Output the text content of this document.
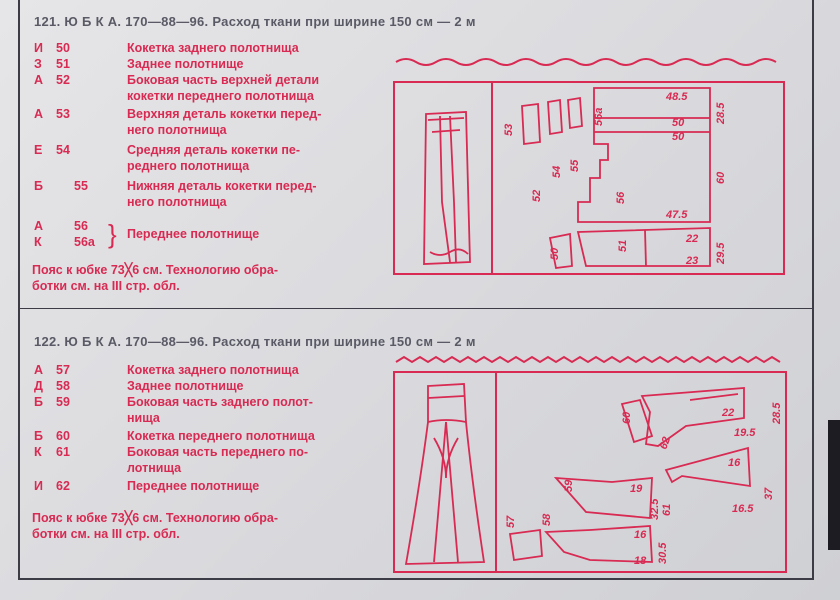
121. Ю Б К А. 170—88—96. Расход ткани при ширине 150 см — 2 м
И	50	Кокетка заднего полотнища
З	51	Заднее полотнище
А	52	Боковая часть верхней детали
кокетки переднего полотнища
А	53	Верхняя деталь кокетки перед-
него полотнища
Е	54	Средняя деталь кокетки пе-
реднего полотнища
Б	55	Нижняя деталь кокетки перед-
него полотнища
А	56
К	56а } Переднее полотнище
Пояс к юбке 73╳6 см. Технологию обра-
ботки см. на III стр. обл.
53
52
54 55
56
56а
50
51
48.5
28.5
50
50
60
47.5
22
29.5
23
122. Ю Б К А. 170—88—96. Расход ткани при ширине 150 см — 2 м
А	57	Кокетка заднего полотнища
Д	58	Заднее полотнище
Б	59	Боковая часть заднего полот-
нища
Б	60	Кокетка переднего полотнища
К	61	Боковая часть переднего по-
лотнища
И	62	Переднее полотнище
Пояс к юбке 73╳6 см. Технологию обра-
ботки см. на III стр. обл.
60
62
59
61
57 58
22	28.5
19.5
16
37
16.5
19
32.5
16
30.5
18
